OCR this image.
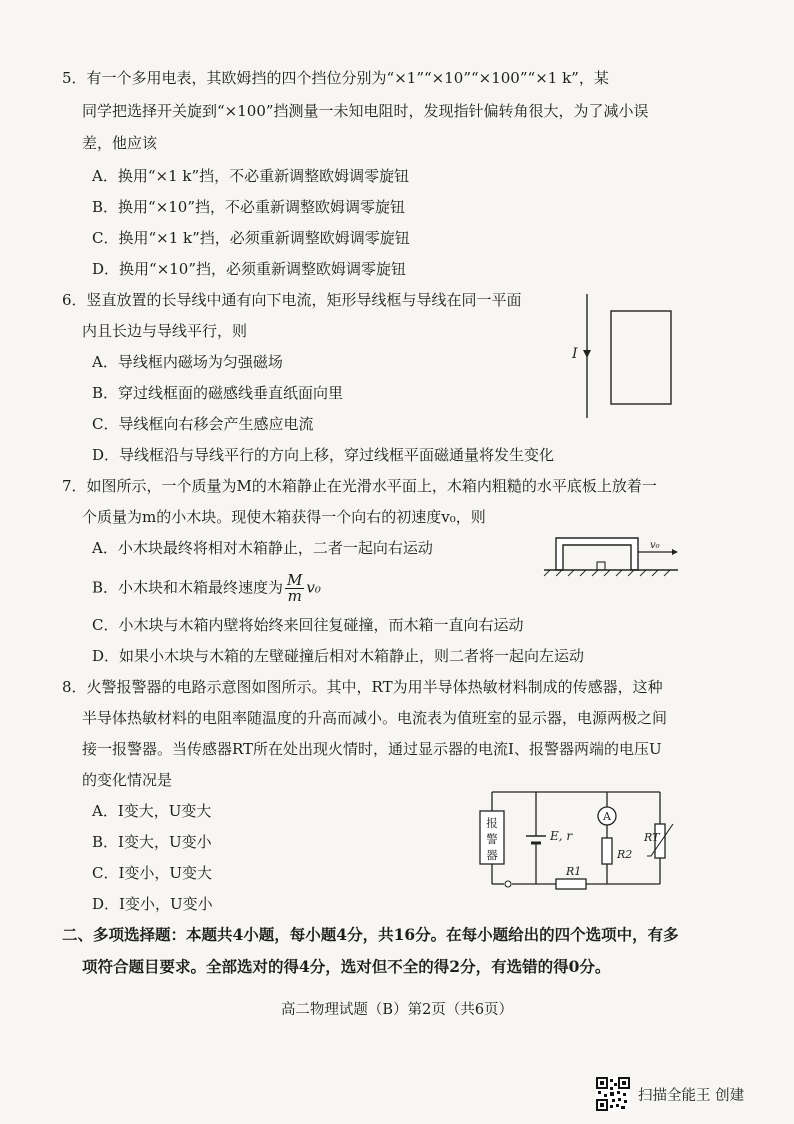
5．有一个多用电表，其欧姆挡的四个挡位分别为“×1”“×10”“×100”“×1 k”，某
同学把选择开关旋到“×100”挡测量一未知电阻时，发现指针偏转角很大，为了减小误
差，他应该
A．换用“×1 k”挡，不必重新调整欧姆调零旋钮
B．换用“×10”挡，不必重新调整欧姆调零旋钮
C．换用“×1 k”挡，必须重新调整欧姆调零旋钮
D．换用“×10”挡，必须重新调整欧姆调零旋钮
6．竖直放置的长导线中通有向下电流，矩形导线框与导线在同一平面
内且长边与导线平行，则
A．导线框内磁场为匀强磁场
B．穿过线框面的磁感线垂直纸面向里
C．导线框向右移会产生感应电流
D．导线框沿与导线平行的方向上移，穿过线框平面磁通量将发生变化
I
7．如图所示，一个质量为M的木箱静止在光滑水平面上，木箱内粗糙的水平底板上放着一
个质量为m的小木块。现使木箱获得一个向右的初速度v₀，则
A．小木块最终将相对木箱静止，二者一起向右运动
B．小木块和木箱最终速度为 $\frac{M}{m} v_0$
C．小木块与木箱内壁将始终来回往复碰撞，而木箱一直向右运动
D．如果小木块与木箱的左壁碰撞后相对木箱静止，则二者将一起向左运动
v₀
8．火警报警器的电路示意图如图所示。其中，RT为用半导体热敏材料制成的传感器，这种
半导体热敏材料的电阻率随温度的升高而减小。电流表为值班室的显示器，电源两极之间
接一报警器。当传感器RT所在处出现火情时，通过显示器的电流I、报警器两端的电压U
的变化情况是
A．I变大，U变大
B．I变大，U变小
C．I变小，U变大
D．I变小，U变小
报
警
器
E, r
A
R2
R1
RT
二、多项选择题：本题共4小题，每小题4分，共16分。在每小题给出的四个选项中，有多
项符合题目要求。全部选对的得4分，选对但不全的得2分，有选错的得0分。
高二物理试题（B）第2页（共6页）
扫描全能王 创建
